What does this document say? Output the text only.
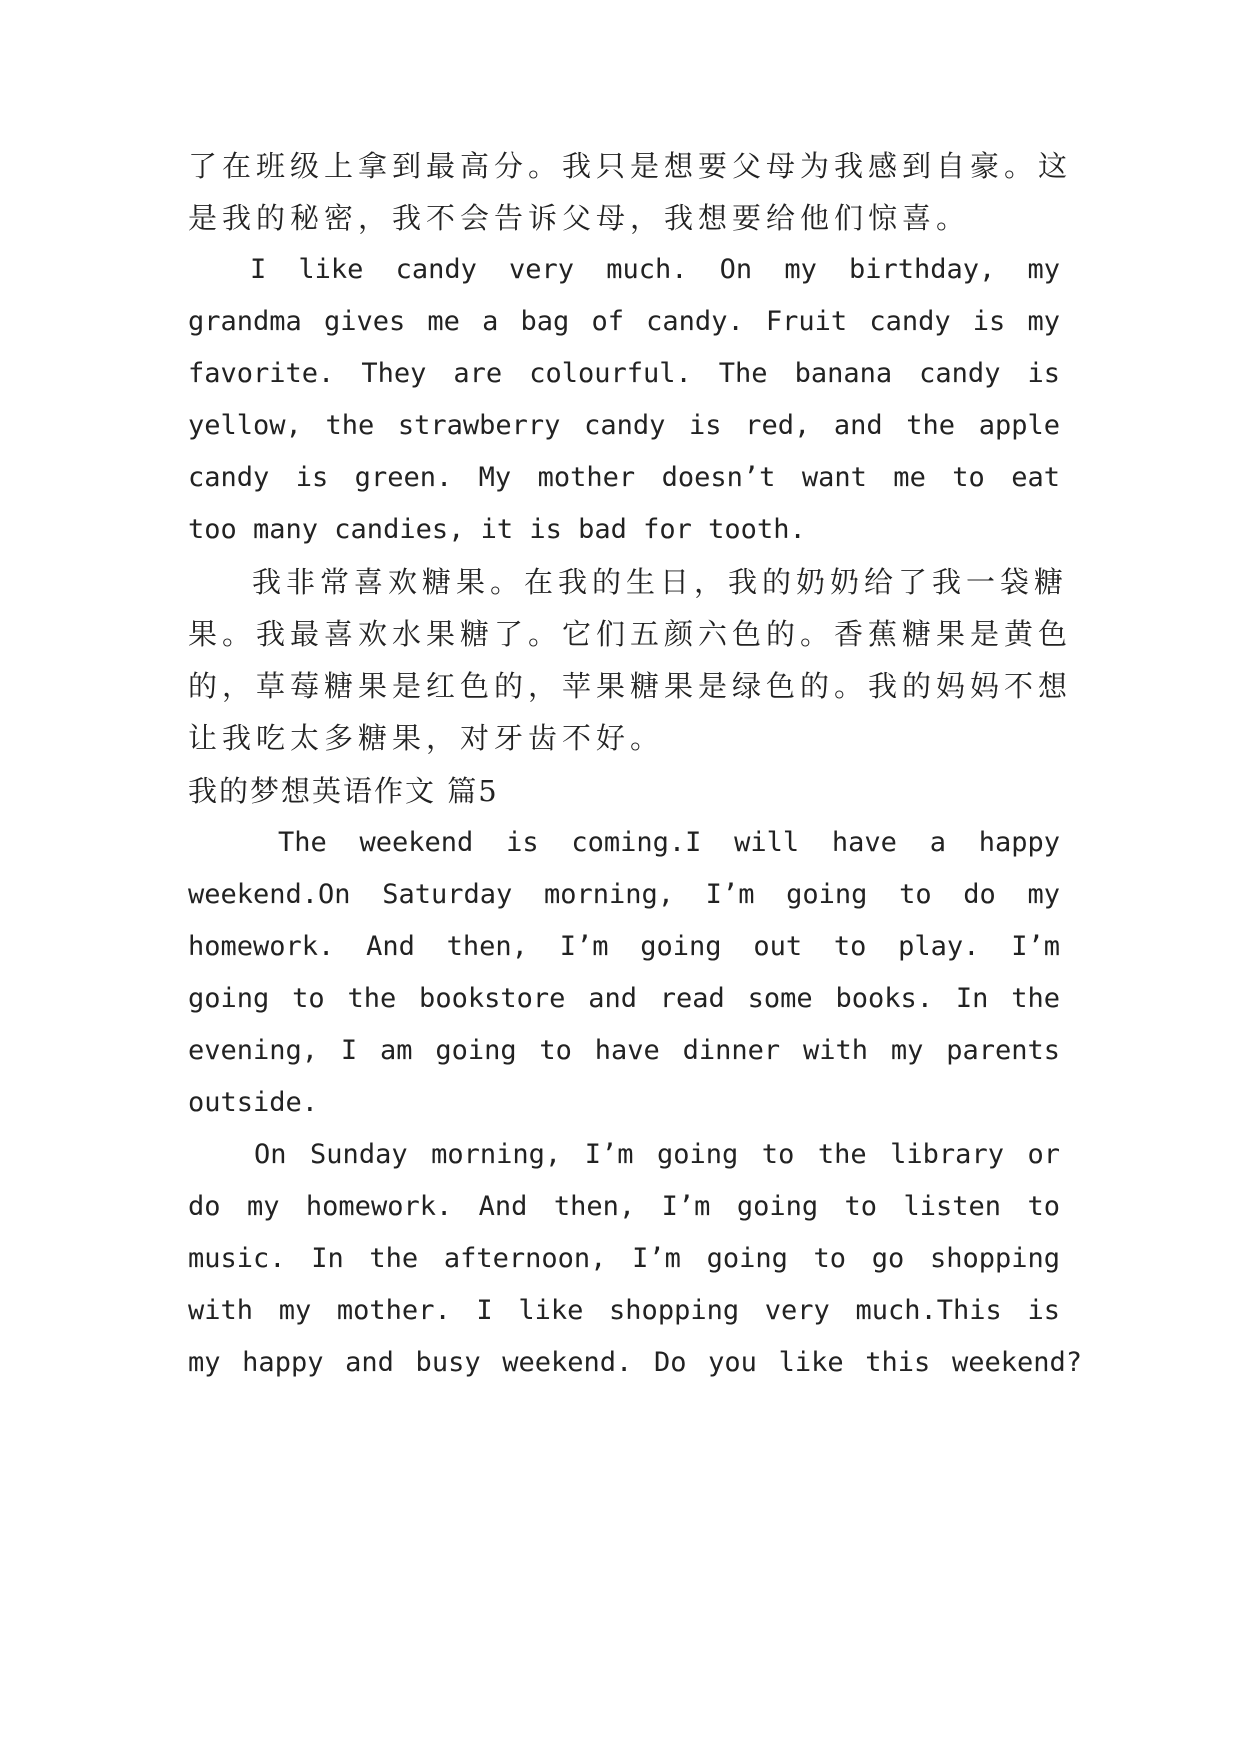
了在班级上拿到最高分。我只是想要父母为我感到自豪。这
是我的秘密，我不会告诉父母，我想要给他们惊喜。
I like candy very much. On my birthday, my
grandma gives me a bag of candy. Fruit candy is my
favorite. They are colourful. The banana candy is
yellow, the strawberry candy is red, and the apple
candy is green. My mother doesn’t want me to eat
too many candies, it is bad for tooth.
我非常喜欢糖果。在我的生日，我的奶奶给了我一袋糖
果。我最喜欢水果糖了。它们五颜六色的。香蕉糖果是黄色
的，草莓糖果是红色的，苹果糖果是绿色的。我的妈妈不想
让我吃太多糖果，对牙齿不好。
我的梦想英语作文 篇5
The weekend is coming.I will have a happy
weekend.On Saturday morning, I’m going to do my
homework. And then, I’m going out to play. I’m
going to the bookstore and read some books. In the
evening, I am going to have dinner with my parents
outside.
On Sunday morning, I’m going to the library or
do my homework. And then, I’m going to listen to
music. In the afternoon, I’m going to go shopping
with my mother. I like shopping very much.This is
my happy and busy weekend. Do you like this weekend?
